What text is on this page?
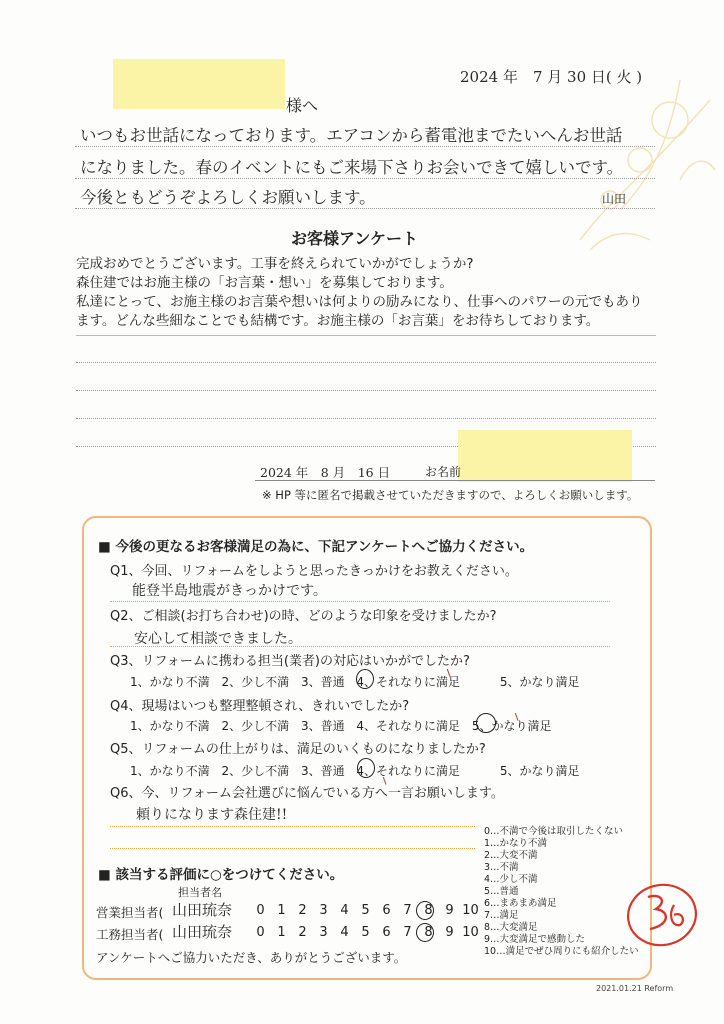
2024 年　7 月 30 日( 火 )
様へ
いつもお世話になっております。エアコンから蓄電池までたいへんお世話
になりました。春のイベントにもご来場下さりお会いできて嬉しいです。
今後ともどうぞよろしくお願いします。	山田
お客様アンケート
完成おめでとうございます。工事を終えられていかがでしょうか?
森住建ではお施主様の「お言葉・想い」を募集しております。
私達にとって、お施主様のお言葉や想いは何よりの励みになり、仕事へのパワーの元でもあり
ます。どんな些細なことでも結構です。お施主様の「お言葉」をお待ちしております。
2024 年　8 月　16 日	お名前
※ HP 等に匿名で掲載させていただきますので、よろしくお願いします。
■ 今後の更なるお客様満足の為に、下記アンケートへご協力ください。
Q1、今回、リフォームをしようと思ったきっかけをお教えください。
能登半島地震がきっかけです。
Q2、ご相談(お打ち合わせ)の時、どのような印象を受けましたか?
安心して相談できました。
Q3、リフォームに携わる担当(業者)の対応はいかがでしたか?
1、かなり不満 2、少し不満 3、普通 4、それなりに満足	5、かなり満足
Q4、現場はいつも整理整頓され、きれいでしたか?
1、かなり不満 2、少し不満 3、普通 4、それなりに満足 5、かなり満足
Q5、リフォームの仕上がりは、満足のいくものになりましたか?
1、かなり不満 2、少し不満 3、普通 4、それなりに満足	5、かなり満足
Q6、今、リフォーム会社選びに悩んでいる方へ一言お願いします。
頼りになります森住建!!
0…不満で今後は取引したくない
1…かなり不満
2…大変不満
3…不満
4…少し不満
5…普通
6…まあまあ満足
7…満足
8…大変満足
9…大変満足で感動した
10…満足でぜひ周りにも紹介したい
■ 該当する評価に○をつけてください。
担当者名
営業担当者( 山田琉奈	0 1 2 3 4 5 6 7 8 9 10
工務担当者( 山田琉奈	0 1 2 3 4 5 6 7 8 9 10
アンケートへご協力いただき、ありがとうございます。
2021.01.21 Reform
